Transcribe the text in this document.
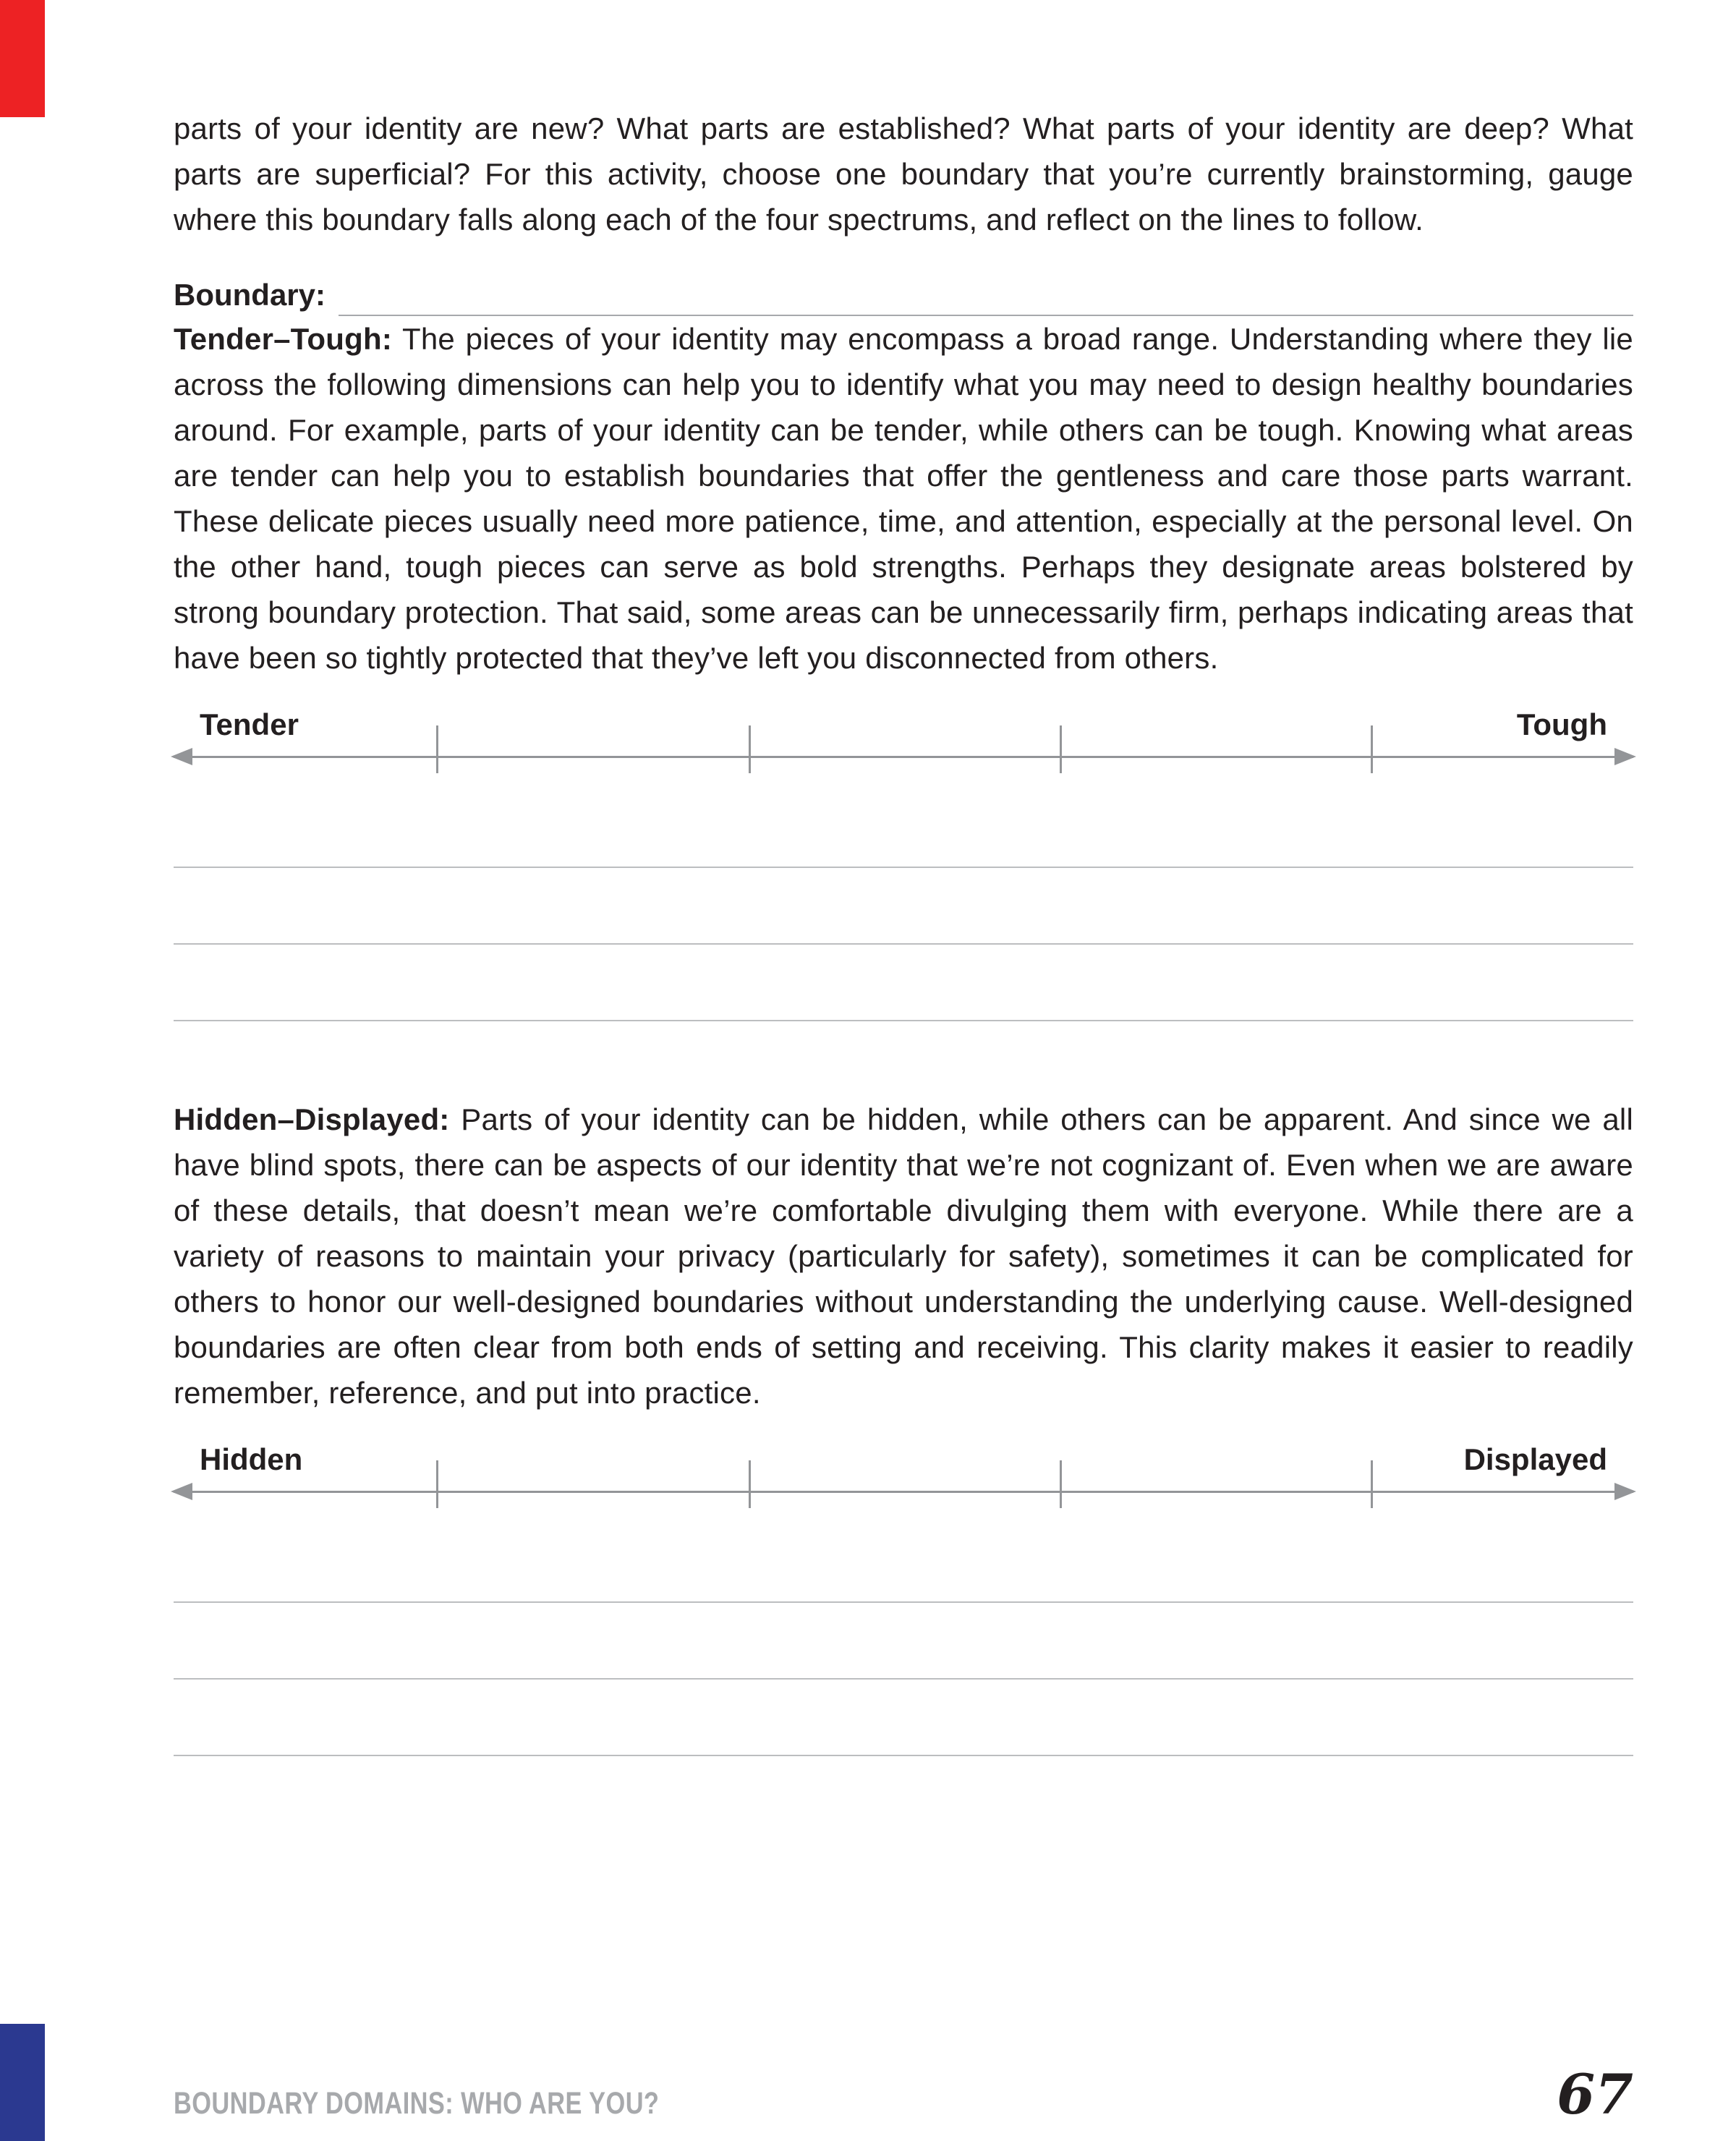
parts of your identity are new? What parts are established? What parts of your identity are deep? What parts are superficial? For this activity, choose one boundary that you’re currently brainstorming, gauge where this boundary falls along each of the four spectrums, and reflect on the lines to follow.

Boundary:

Tender–Tough: The pieces of your identity may encompass a broad range. Understanding where they lie across the following dimensions can help you to identify what you may need to design healthy boundaries around. For example, parts of your identity can be tender, while others can be tough. Knowing what areas are tender can help you to establish boundaries that offer the gentleness and care those parts warrant. These delicate pieces usually need more patience, time, and attention, especially at the personal level. On the other hand, tough pieces can serve as bold strengths. Perhaps they designate areas bolstered by strong boundary protection. That said, some areas can be unnecessarily firm, perhaps indicating areas that have been so tightly protected that they’ve left you disconnected from others.

Tender	Tough

Hidden–Displayed: Parts of your identity can be hidden, while others can be apparent. And since we all have blind spots, there can be aspects of our identity that we’re not cognizant of. Even when we are aware of these details, that doesn’t mean we’re comfortable divulging them with everyone. While there are a variety of reasons to maintain your privacy (particularly for safety), sometimes it can be complicated for others to honor our well-designed boundaries without understanding the underlying cause. Well-designed boundaries are often clear from both ends of setting and receiving. This clarity makes it easier to readily remember, reference, and put into practice.

Hidden	Displayed
BOUNDARY DOMAINS: WHO ARE YOU?	67
